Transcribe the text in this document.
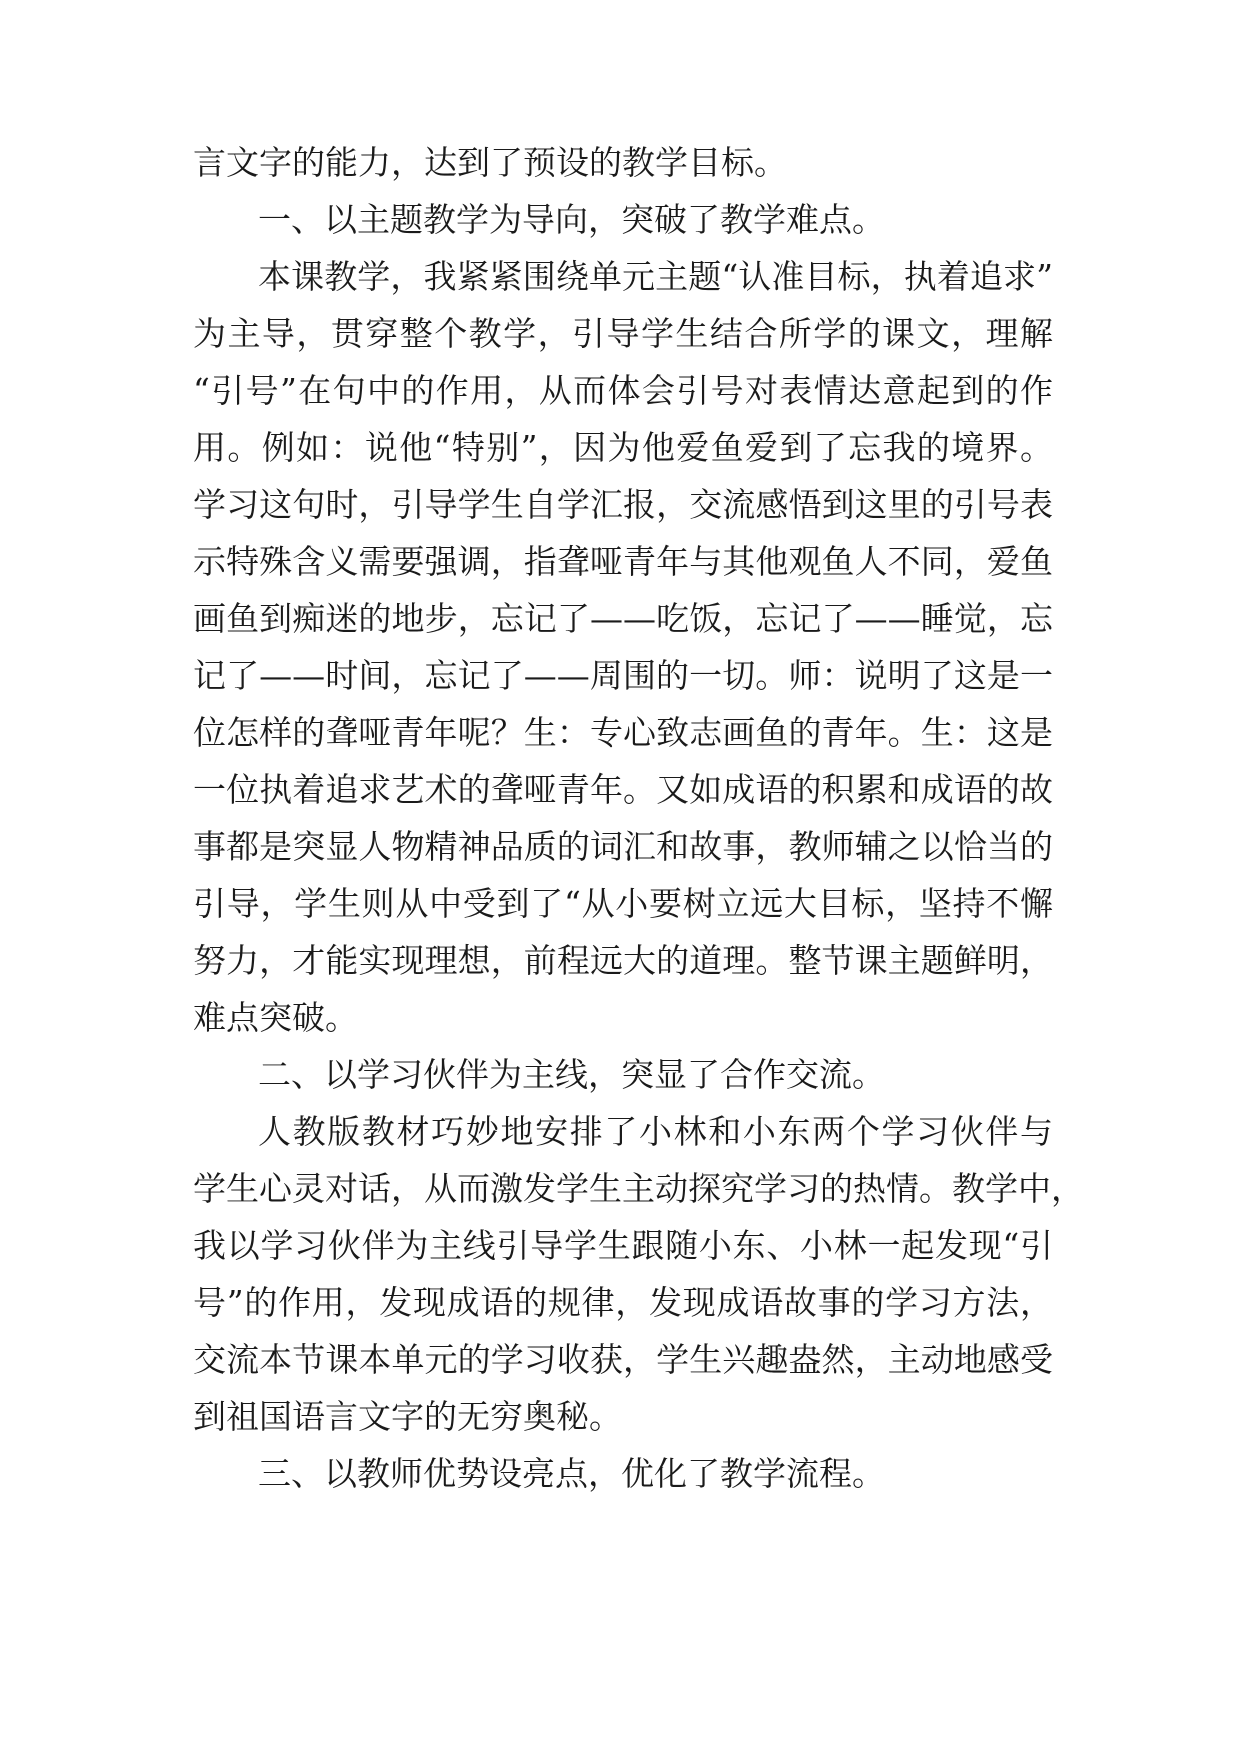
言文字的能力，达到了预设的教学目标。
一、以主题教学为导向，突破了教学难点。
本课教学，我紧紧围绕单元主题“认准目标，执着追求”
为主导，贯穿整个教学，引导学生结合所学的课文，理解
“引号”在句中的作用，从而体会引号对表情达意起到的作
用。例如：说他“特别”，因为他爱鱼爱到了忘我的境界。
学习这句时，引导学生自学汇报，交流感悟到这里的引号表
示特殊含义需要强调，指聋哑青年与其他观鱼人不同，爱鱼
画鱼到痴迷的地步，忘记了——吃饭，忘记了——睡觉，忘
记了——时间，忘记了——周围的一切。师：说明了这是一
位怎样的聋哑青年呢？生：专心致志画鱼的青年。生：这是
一位执着追求艺术的聋哑青年。又如成语的积累和成语的故
事都是突显人物精神品质的词汇和故事，教师辅之以恰当的
引导，学生则从中受到了“从小要树立远大目标，坚持不懈
努力，才能实现理想，前程远大的道理。整节课主题鲜明，
难点突破。
二、以学习伙伴为主线，突显了合作交流。
人教版教材巧妙地安排了小林和小东两个学习伙伴与
学生心灵对话，从而激发学生主动探究学习的热情。教学中，
我以学习伙伴为主线引导学生跟随小东、小林一起发现“引
号”的作用，发现成语的规律，发现成语故事的学习方法，
交流本节课本单元的学习收获，学生兴趣盎然，主动地感受
到祖国语言文字的无穷奥秘。
三、以教师优势设亮点，优化了教学流程。
